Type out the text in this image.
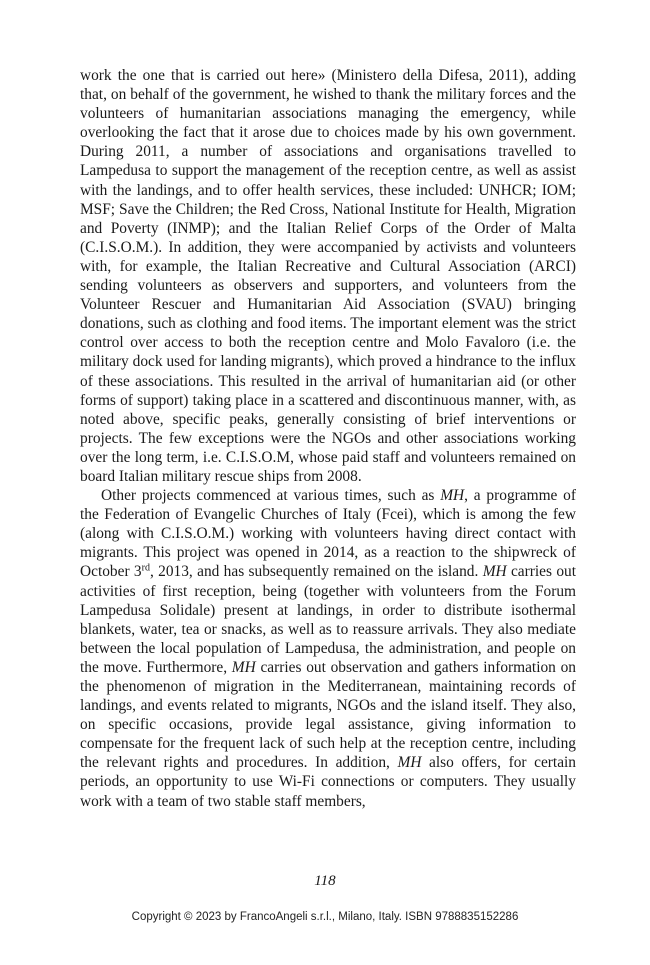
work the one that is carried out here» (Ministero della Difesa, 2011), adding that, on behalf of the government, he wished to thank the military forces and the volunteers of humanitarian associations managing the emergency, while overlooking the fact that it arose due to choices made by his own government. During 2011, a number of associations and organisations travelled to Lampedusa to support the management of the reception centre, as well as assist with the landings, and to offer health services, these included: UNHCR; IOM; MSF; Save the Children; the Red Cross, National Institute for Health, Migration and Poverty (INMP); and the Italian Relief Corps of the Order of Malta (C.I.S.O.M.). In addition, they were accompanied by activists and volunteers with, for example, the Italian Recreative and Cultural Association (ARCI) sending volunteers as observers and supporters, and volunteers from the Volunteer Rescuer and Humanitarian Aid Association (SVAU) bringing donations, such as clothing and food items. The important element was the strict control over access to both the reception centre and Molo Favaloro (i.e. the military dock used for landing migrants), which proved a hindrance to the influx of these associations. This resulted in the arrival of humanitarian aid (or other forms of support) taking place in a scattered and discontinuous manner, with, as noted above, specific peaks, generally consisting of brief interventions or projects. The few exceptions were the NGOs and other associations working over the long term, i.e. C.I.S.O.M, whose paid staff and volunteers remained on board Italian military rescue ships from 2008.

Other projects commenced at various times, such as MH, a programme of the Federation of Evangelic Churches of Italy (Fcei), which is among the few (along with C.I.S.O.M.) working with volunteers having direct contact with migrants. This project was opened in 2014, as a reaction to the shipwreck of October 3rd, 2013, and has subsequently remained on the island. MH carries out activities of first reception, being (together with volunteers from the Forum Lampedusa Solidale) present at landings, in order to distribute isothermal blankets, water, tea or snacks, as well as to reassure arrivals. They also mediate between the local population of Lampedusa, the administration, and people on the move. Furthermore, MH carries out observation and gathers information on the phenomenon of migration in the Mediterranean, maintaining records of landings, and events related to migrants, NGOs and the island itself. They also, on specific occasions, provide legal assistance, giving information to compensate for the frequent lack of such help at the reception centre, including the relevant rights and procedures. In addition, MH also offers, for certain periods, an opportunity to use Wi-Fi connections or computers. They usually work with a team of two stable staff members,

118
Copyright © 2023 by FrancoAngeli s.r.l., Milano, Italy. ISBN 9788835152286
